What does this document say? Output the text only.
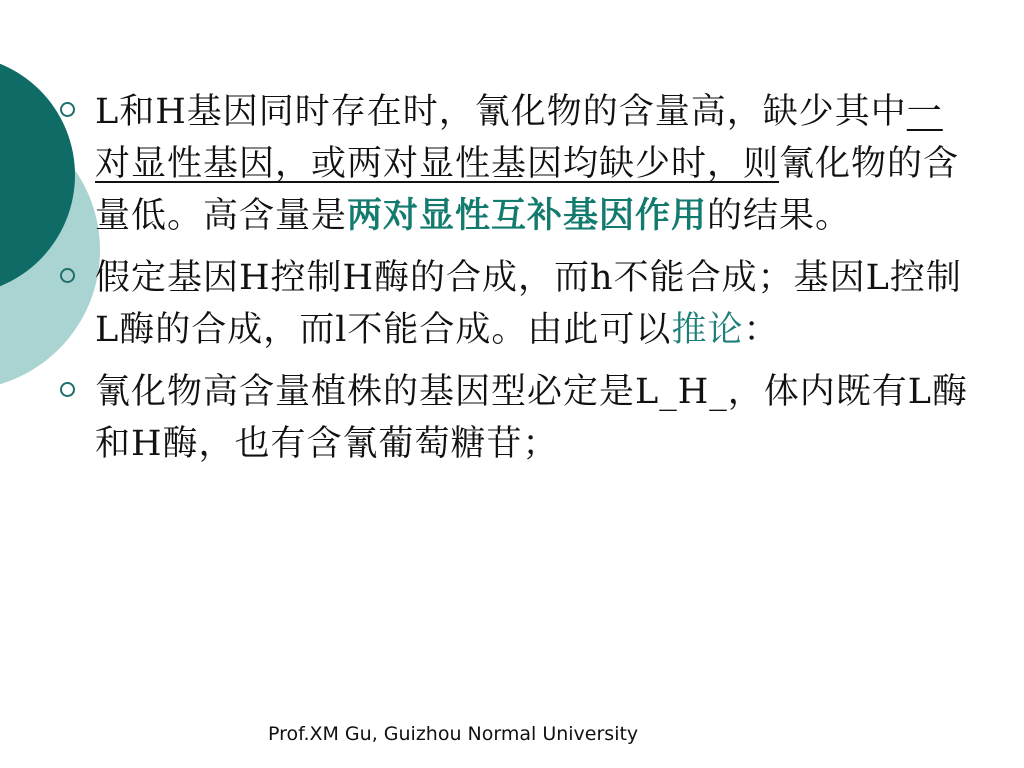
L和H基因同时存在时，氰化物的含量高，缺少其中一对显性基因，或两对显性基因均缺少时，则氰化物的含量低。高含量是两对显性互补基因作用的结果。
假定基因H控制H酶的合成，而h不能合成；基因L控制L酶的合成，而l不能合成。由此可以推论：
氰化物高含量植株的基因型必定是L_H_，体内既有L酶和H酶，也有含氰葡萄糖苷；
Prof.XM Gu, Guizhou Normal University
